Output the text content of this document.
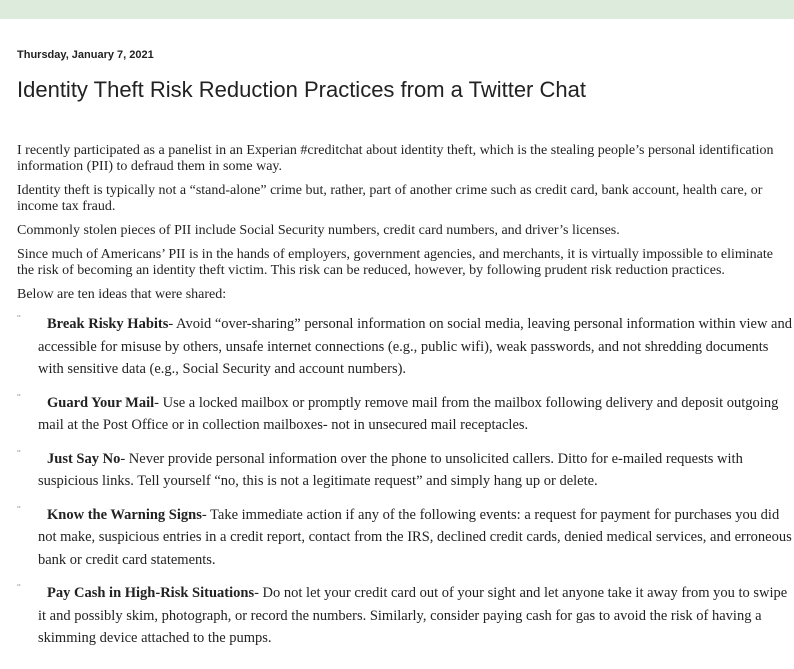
Thursday, January 7, 2021
Identity Theft Risk Reduction Practices from a Twitter Chat

I recently participated as a panelist in an Experian #creditchat about identity theft, which is the stealing people’s personal identification information (PII) to defraud them in some way.

Identity theft is typically not a “stand-alone” crime but, rather, part of another crime such as credit card, bank account, health care, or income tax fraud.

Commonly stolen pieces of PII include Social Security numbers, credit card numbers, and driver’s licenses.

Since much of Americans’ PII is in the hands of employers, government agencies, and merchants, it is virtually impossible to eliminate the risk of becoming an identity theft victim. This risk can be reduced, however, by following prudent risk reduction practices.

Below are ten ideas that were shared:

¨ Break Risky Habits- Avoid “over-sharing” personal information on social media, leaving personal information within view and accessible for misuse by others, unsafe internet connections (e.g., public wifi), weak passwords, and not shredding documents with sensitive data (e.g., Social Security and account numbers).
¨ Guard Your Mail- Use a locked mailbox or promptly remove mail from the mailbox following delivery and deposit outgoing mail at the Post Office or in collection mailboxes- not in unsecured mail receptacles.
¨ Just Say No- Never provide personal information over the phone to unsolicited callers. Ditto for e-mailed requests with suspicious links. Tell yourself “no, this is not a legitimate request” and simply hang up or delete.
¨ Know the Warning Signs- Take immediate action if any of the following events: a request for payment for purchases you did not make, suspicious entries in a credit report, contact from the IRS, declined credit cards, denied medical services, and erroneous bank or credit card statements.
¨ Pay Cash in High-Risk Situations- Do not let your credit card out of your sight and let anyone take it away from you to swipe it and possibly skim, photograph, or record the numbers. Similarly, consider paying cash for gas to avoid the risk of having a skimming device attached to the pumps.
